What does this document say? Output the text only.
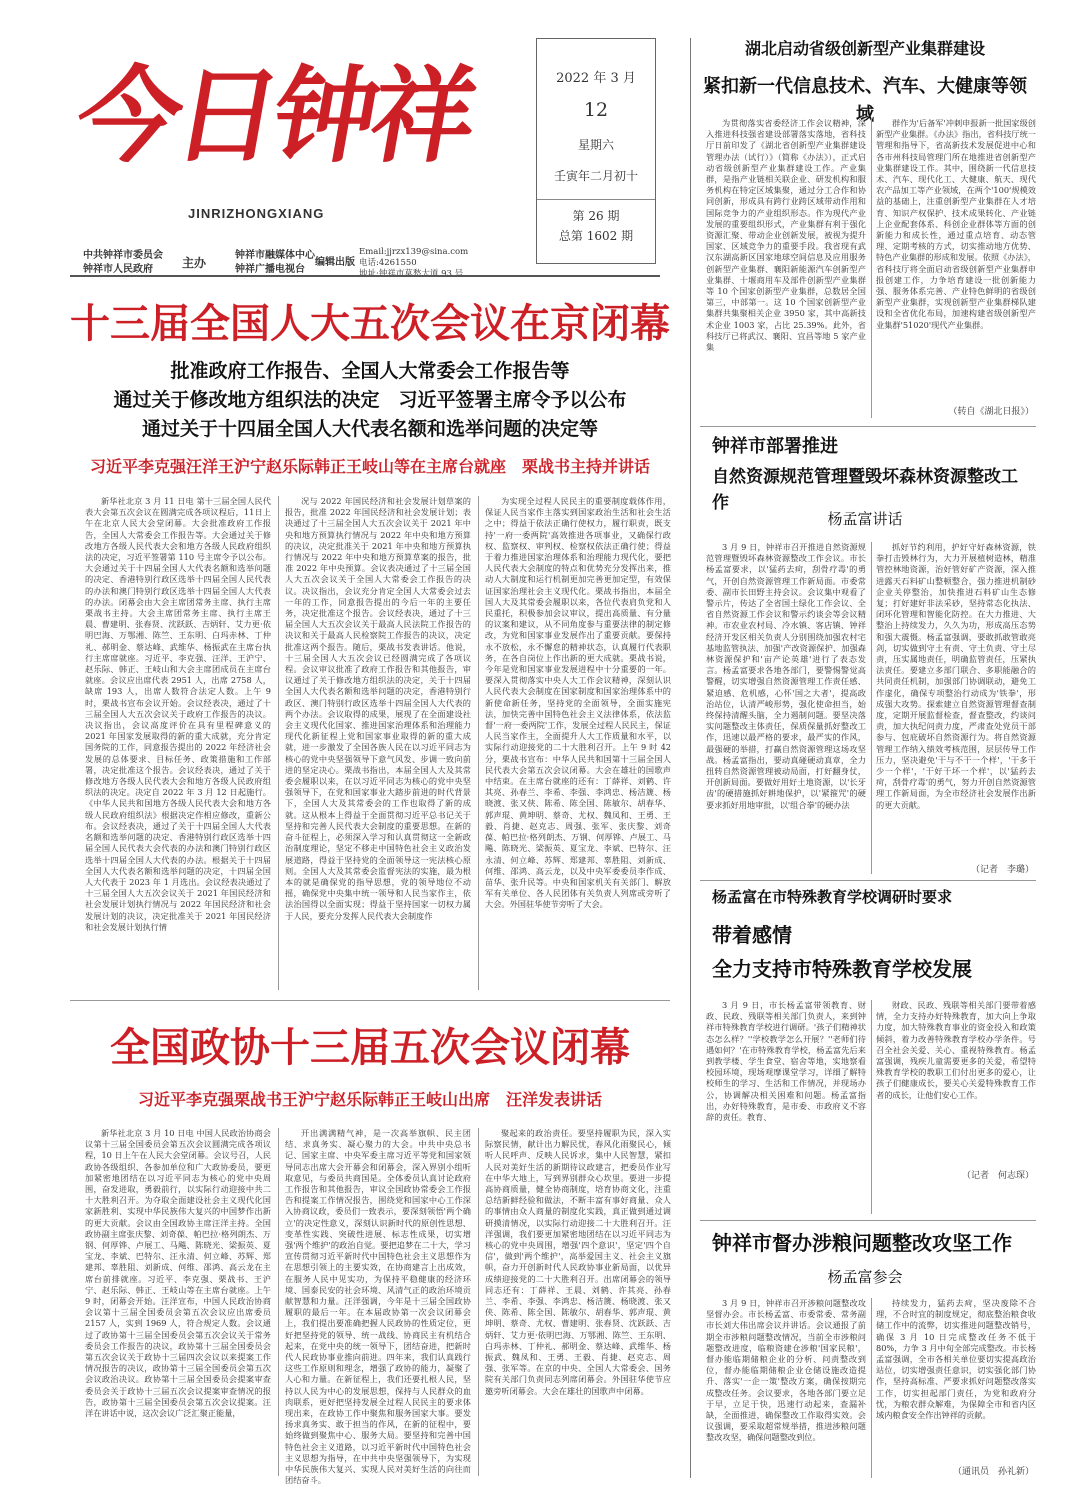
今日钟祥
JINRIZHONGXIANG
2022 年 3 月
12
星期六
壬寅年二月初十
第 26 期
总第 1602 期
中共钟祥市委员会
钟祥市人民政府 主办
钟祥市融媒体中心
钟祥广播电视台
编辑出版
Email:jjrzx139@sina.com
电话:4261550
地址:钟祥市莫愁大道 93 号
十三届全国人大五次会议在京闭幕
批准政府工作报告、全国人大常委会工作报告等
通过关于修改地方组织法的决定　习近平签署主席令予以公布
通过关于十四届全国人大代表名额和选举问题的决定等
习近平李克强汪洋王沪宁赵乐际韩正王岐山等在主席台就座　栗战书主持并讲话

新华社北京 3 月 11 日电 第十三届全国人民代表大会第五次会议在圆满完成各项议程后，11日上午在北京人民大会堂闭幕。大会批准政府工作报告，全国人大常委会工作报告等。大会通过关于修改地方各级人民代表大会和地方各级人民政府组织法的决定，习近平签署第 110 号主席令予以公布。大会通过关于十四届全国人大代表名额和选举问题的决定、香港特别行政区选举十四届全国人民代表的办法和澳门特别行政区选举十四届全国人大代表的办法。闭幕会由大会主席团常务主席、执行主席栗战书主持。大会主席团常务主席、执行主席王晨、曹建明、张春贤、沈跃跃、吉炳轩、艾力更·依明巴海、万鄂湘、陈竺、王东明、白玛赤林、丁仲礼、郝明金、蔡达峰、武维华、杨振武在主席台执行主席席就座。习近平、李克强、汪洋、王沪宁、赵乐际、韩正、王岐山和大会主席团成员在主席台就座。会议应出席代表 2951 人，出席 2758 人，缺席 193 人，出席人数符合法定人数。上午 9 时，栗战书宣布会议开始。会议经表决，通过了十三届全国人大五次会议关于政府工作报告的决议。决议指出，会议高度评价在具有里程碑意义的 2021 年国家发展取得的新的重大成就，充分肯定国务院的工作，同意报告提出的 2022 年经济社会发展的总体要求、目标任务、政策措施和工作部署，决定批准这个报告。会议经表决，通过了关于修改地方各级人民代表大会和地方各级人民政府组织法的决定。决定自 2022 年 3 月 12 日起施行。《中华人民共和国地方各级人民代表大会和地方各级人民政府组织法》根据决定作相应修改，重新公布。会议经表决，通过了关于十四届全国人大代表名额和选举问题的决定、香港特别行政区选举十四届全国人民代表大会代表的办法和澳门特别行政区选举十四届全国人大代表的办法。根据关于十四届全国人大代表名额和选举问题的决定，十四届全国人大代表于 2023 年 1 月选出。会议经表决通过了十三届全国人大五次会议关于 2021 年国民经济和社会发展计划执行情况与 2022 年国民经济和社会发展计划的决议，决定批准关于 2021 年国民经济和社会发展计划执行情

况与 2022 年国民经济和社会发展计划草案的报告，批准 2022 年国民经济和社会发展计划；表决通过了十三届全国人大五次会议关于 2021 年中央和地方预算执行情况与 2022 年中央和地方预算的决议，决定批准关于 2021 年中央和地方预算执行情况与 2022 年中央和地方预算草案的报告，批准 2022 年中央预算。会议表决通过了十三届全国人大五次会议关于全国人大常委会工作报告的决议。决议指出，会议充分肯定全国人大常委会过去一年的工作，同意报告提出的今后一年的主要任务，决定批准这个报告。会议经表决，通过了十三届全国人大五次会议关于最高人民法院工作报告的决议和关于最高人民检察院工作报告的决议，决定批准这两个报告。随后，栗战书发表讲话。他说，十三届全国人大五次会议已经圆满完成了各项议程。会议审议批准了政府工作报告和其他报告，审议通过了关于修改地方组织法的决定，关于十四届全国人大代表名额和选举问题的决定，香港特别行政区、澳门特别行政区选举十四届全国人大代表的两个办法。会议取得的成果，展现了在全面建设社会主义现代化国家、推进国家治理体系和治理能力现代化新征程上党和国家事业取得的新的重大成就，进一步激发了全国各族人民在以习近平同志为核心的党中央坚强领导下意气风发、步调一致向前进的坚定决心。栗战书指出，本届全国人大及其常委会履职以来，在以习近平同志为核心的党中央坚强领导下，在党和国家事业大踏步前进的时代背景下，全国人大及其常委会的工作也取得了新的成就。这从根本上得益于全面贯彻习近平总书记关于坚持和完善人民代表大会制度的重要思想。在新的奋斗征程上，必须深入学习和认真贯彻这一全新政治制度理论，坚定不移走中国特色社会主义政治发展道路，得益于坚持党的全面领导这一宪法核心原则。全国人大及其常委会监督宪法的实施，最为根本的就是确保党的指导思想，党的领导地位不动摇，确保党中央集中统一领导和人民当家作主，依法治国得以全面实现；得益于坚持国家一切权力属于人民，要充分发挥人民代表大会制度作

为实现全过程人民民主的重要制度载体作用，保证人民当家作主落实到国家政治生活和社会生活之中；得益于依法正确行使权力，履行职责，既支持'一府一委两院'高效推进各项事业，又确保行政权、监察权、审判权、检察权依法正确行使；得益于着力推进国家治理体系和治理能力现代化，要把人民代表大会制度的特点和优势充分发挥出来，推动人大制度和运行机制更加完善更加定型，有效保证国家治理社会主义现代化。栗战书指出，本届全国人大及其常委会履职以来，各位代表肩负党和人民重托，积极参加会议审议，提出高质量、有分量的议案和建议，从不同角度参与重要法律的制定修改，为党和国家事业发展作出了重要贡献。要保持永不放松，永不懈怠的精神状态，认真履行代表职务，在各自岗位上作出新的更大成就。栗战书说，今年是党和国家事业发展进程中十分重要的一年。要深入贯彻落实中央人大工作会议精神，深刻认识人民代表大会制度在国家制度和国家治理体系中的新使命新任务，坚持党的全面领导，全面实施宪法，加快完善中国特色社会主义法律体系，依法监督'一府一委两院'工作，发展全过程人民民主，保证人民当家作主，全面提升人大工作质量和水平，以实际行动迎接党的二十大胜利召开。上午 9 时 42 分，栗战书宣布：中华人民共和国第十三届全国人民代表大会第五次会议闭幕。大会在雄壮的国歌声中结束。在主席台就座的还有：丁薛祥、刘鹤、许其亮、孙春兰、李希、李强、李鸿忠、杨洁篪、杨晓渡、张又侠、陈希、陈全国、陈敏尔、胡春华、郭声琨、黄坤明、蔡奇、尤权、魏凤和、王勇、王毅、肖捷、赵克志、周强、张军、张庆黎、刘奇葆、帕巴拉·格列朗杰、万钢、何厚铧、卢展工、马飚、陈晓光、梁振英、夏宝龙、李斌、巴特尔、汪永清、何立峰、苏辉、郑建邦、辜胜阻、刘新成、何维、邵鸿、高云龙，以及中央军委委员李作成、苗华、张升民等。中央和国家机关有关部门、解放军有关单位、各人民团体有关负责人列席或旁听了大会。外国驻华使节旁听了大会。

全国政协十三届五次会议闭幕
习近平李克强栗战书王沪宁赵乐际韩正王岐山出席　汪洋发表讲话

新华社北京 3 月 10 日电 中国人民政治协商会议第十三届全国委员会第五次会议圆满完成各项议程，10 日上午在人民大会堂闭幕。会议号召，人民政协各级组织、各参加单位和广大政协委员，要更加紧密地团结在以习近平同志为核心的党中央周围，奋发进取，勇毅前行，以实际行动迎接中共二十大胜利召开。为夺取全面建设社会主义现代化国家新胜利、实现中华民族伟大复兴的中国梦作出新的更大贡献。会议由全国政协主席汪洋主持。全国政协副主席张庆黎、刘奇葆、帕巴拉·格列朗杰、万钢、何厚铧、卢展工、马飚、陈晓光、梁振英、夏宝龙、李斌、巴特尔、汪永清、何立峰、苏辉、郑建邦、辜胜阻、刘新成、何维、邵鸿、高云龙在主席台前排就座。习近平、李克强、栗战书、王沪宁、赵乐际、韩正、王岐山等在主席台就座。上午 9 时，闭幕会开始。汪洋宣布，中国人民政治协商会议第十三届全国委员会第五次会议应出席委员 2157 人，实到 1969 人，符合规定人数。会议通过了政协第十三届全国委员会第五次会议关于常务委员会工作报告的决议，政协第十三届全国委员会第五次会议关于政协十三届四次会议以来提案工作情况报告的决议，政协第十三届全国委员会第五次会议政治决议。政协第十三届全国委员会提案审查委员会关于政协十三届五次会议提案审查情况的报告，政协第十三届全国委员会第五次会议提案。汪洋在讲话中说，这次会议广泛汇聚正能量，

开出满满精气神，是一次高举旗帜、民主团结、求真务实、凝心聚力的大会。中共中央总书记、国家主席、中央军委主席习近平等党和国家领导同志出席大会开幕会和闭幕会，深入界别小组听取意见，与委员共商国是。全体委员认真讨论政府工作报告和其他报告，审议全国政协常委会工作报告和提案工作情况报告，围绕党和国家中心工作深入协商议政，委员们一致表示，要深刻领悟'两个确立'的决定性意义，深刻认识新时代的原创性思想、变革性实践、突破性进展、标志性成果，切实增强'两个维护'的政治自觉。要把追梦在二十大，学习宣传贯彻习近平新时代中国特色社会主义思想作为在思想引领上的主要实效，在协商建言上出成效，在服务人民中见实功，为保持平稳健康的经济环境、国泰民安的社会环境、风清气正的政治环境贡献智慧和力量。汪洋强调，今年是十三届全国政协履职的最后一年。在本届政协第一次会议闭幕会上，我们提出要准确把握人民政协的性质定位，更好把坚持党的领导、统一战线、协商民主有机结合起来，在党中央的统一领导下，团结奋进，把新时代人民政协事业推向前进。四年来，我们认真践行这些工作原则和理念，增强了政协的能力，凝聚了人心和力量。在新征程上，我们还要扎根人民，坚持以人民为中心的发展思想，保持与人民群众的血肉联系，更好把坚持发展全过程人民民主的要求体现出来，在政协工作中聚焦和服务国家大事。要发扬求真务实、敢于担当的作风，在新的征程中，要始终做到聚焦中心、服务大局。要坚持和完善中国特色社会主义道路，以习近平新时代中国特色社会主义思想为指导，在中共中央坚强领导下，为实现中华民族伟大复兴、实现人民对美好生活的向往而团结奋斗。

聚起来的政治责任。要坚持履职为民，深入实际察民情，献计出力解民忧，春风化雨聚民心，倾听人民呼声、反映人民诉求，集中人民智慧，紧扣人民对美好生活的新期待议政建言，把委员作业写在中华大地上，写到界别群众心坎里。要进一步提高协商质量，健全协商制度，培育协商文化，注重总结新鲜经验和做法，不断丰富有事好商量、众人的事情由众人商量的制度化实践，真正做到通过调研摸清情况，以实际行动迎接二十大胜利召开。汪洋强调，我们要更加紧密地团结在以习近平同志为核心的党中央周围，增强'四个意识'，坚定'四个自信'，做到'两个维护'，高举爱国主义、社会主义旗帜，奋力开创新时代人民政协事业新局面，以优异成绩迎接党的二十大胜利召开。出席闭幕会的领导同志还有：丁薛祥、王晨、刘鹤、许其亮、孙春兰、李希、李强、李鸿忠、杨洁篪、杨晓渡、张又侠、陈希、陈全国、陈敏尔、胡春华、郭声琨、黄坤明、蔡奇、尤权、曹建明、张春贤、沈跃跃、吉炳轩、艾力更·依明巴海、万鄂湘、陈竺、王东明、白玛赤林、丁仲礼、郝明金、蔡达峰、武维华、杨振武、魏凤和、王勇、王毅、肖捷、赵克志、周强、张军等。在京的中央、全国人大常委会、国务院有关部门负责同志列席闭幕会。外国驻华使节应邀旁听闭幕会。大会在雄壮的国歌声中闭幕。

湖北启动省级创新型产业集群建设
紧扣新一代信息技术、汽车、大健康等领域

为贯彻落实省委经济工作会议精神，深入推进科技强省建设部署落实落地，省科技厅日前印发了《湖北省创新型产业集群建设管理办法（试行）》（简称《办法》），正式启动省级创新型产业集群建设工作。产业集群，是指产业链相关联企业、研发机构和服务机构在特定区域集聚，通过分工合作和协同创新，形成具有跨行业跨区域带动作用和国际竞争力的产业组织形态。作为现代产业发展的重要组织形式，产业集群有利于强化资源汇聚、带动企业创新发展，被视为提升国家、区域竞争力的重要手段。我省现有武汉东湖高新区国家地球空间信息及应用服务创新型产业集群、襄阳新能源汽车创新型产业集群、十堰商用车及部件创新型产业集群等 10 个国家创新型产业集群，总数居全国第三，中部第一。这 10 个国家创新型产业集群共集聚相关企业 3950 家，其中高新技术企业 1003 家，占比 25.39%。此外，省科技厅已将武汉、襄阳、宜昌等地 5 家产业集

群作为'后备军'冲刺申报新一批国家级创新型产业集群。《办法》指出，省科技厅统一管理和指导下，省高新技术发展促进中心和各市州科技局管理门所在地推进省创新型产业集群建设工作。其中，围绕新一代信息技术、汽车、现代化工、大健康、航天、现代农产品加工等产业领域，在两个'100'规模效益的基础上，注重创新型产业集群在人才培育、知识产权保护、技术成果转化、产业链上企业配套体系、科创企业群体等方面的创新能力和成长性，通过重点培育、动态管理、定期考核的方式，切实推动地方优势、特色产业集群的形成和发展。依照《办法》，省科技厅将全面启动省级创新型产业集群申报创建工作，力争培育建设一批创新能力强、服务体系完善、产业特色鲜明的省级创新型产业集群，实现创新型产业集群梯队建设和全省优化布局，加速构建省级创新型产业集群'51020'现代产业集群。

（转自《湖北日报》）
钟祥市部署推进
自然资源规范管理暨毁坏森林资源整改工作
杨孟富讲话

3 月 9 日，钟祥市召开推进自然资源规范管理暨毁坏森林资源整改工作会议。市长杨孟富要求，以'猛药去疴，刮骨疗毒'的勇气，开创自然资源管理工作新局面。市委常委、副市长田野主持会议。会议集中观看了警示片，传达了全省国土绿化工作会议、全省自然资源工作会议和警示约谈会等会议精神。市农业农村局、冷水镇、客店镇、钟祥经济开发区相关负责人分别围绕加强农村宅基地监管执法、加强'产改资源保护、加强森林资源保护和'亩产论英雄'进行了表态发言。杨孟富要求各地各部门，要警惕警觉高警醒，切实增强自然资源管理工作责任感、紧迫感、危机感，心怀'国之大者'，提高政治站位，认清严峻形势，强化使命担当，始终保持清醒头脑，全力遏制问题。要坚决落实问题整改主体责任，保质保量抓好整改工作，迅速以最严格的要求，最严实的作风，最强硬的举措，打赢自然资源管理这场攻坚战。杨孟富指出，要动真碰硬动真章，全力扭转自然资源管理被动局面，打好翻身仗，开创新局面。要做好用好土地资源，以'长牙齿'的硬措施抓好耕地保护，以'紧箍咒'的硬要求抓好用地审批，以'组合拳'的硬办法

抓好节约利用，护好守好森林资源，铁拳打击毁林行为，大力开展植树造林，精准管控林地资源，治好管好矿产资源，深入推进露天石料矿山整顿整合，强力推进机制砂企业关停整治，加快推进石料矿山生态修复；打好建好非法采砂，坚持常态化执法、闭环化管理和智能化防控。在大力推进、大整治上持续发力，久久为功，形成高压态势和强大震慑。杨孟富强调，要敢抓敢管敢亮剑，切实做到守土有责、守土负责、守土尽责，压实属地责任，明确监管责任，压紧执法责任。要建立多部门联合、多职能融合的共同责任机制，加强部门协调联动，避免工作虚化，确保专项整治行动成为'铁拳'，形成强大攻势。探索建立自然资源管理督查制度，定期开展监督检查，督查整改，约谈问责，加大执纪问责力度，严肃查处党员干部参与、包庇破坏自然资源行为。将自然资源管理工作纳入绩效考核范围，层层传导工作压力，坚决避免'干与不干一个样'，'干多干少一个样'，'干好干坏一个样'，以'猛药去疴，刮骨疗毒'的勇气，努力开创自然资源管理工作新局面，为全市经济社会发展作出新的更大贡献。

（记者　李璐）
杨孟富在市特殊教育学校调研时要求
带着感情
全力支持市特殊教育学校发展

3 月 9 日，市长杨孟富带领教育、财政、民政、残联等相关部门负责人，来到钟祥市特殊教育学校进行调研。'孩子们精神状态怎么样？''学校教学怎么开展？''老师们待遇如何？'在市特殊教育学校，杨孟富先后来到教学楼、学生食堂、宿舍等地，实地察看校园环境，现场观摩课堂学习，详细了解特校师生的学习、生活和工作情况，并现场办公，协调解决相关困难和问题。杨孟富指出，办好特殊教育，是市委、市政府义不容辞的责任。教育、

财政、民政、残联等相关部门要带着感情，全力支持办好特殊教育，加大向上争取力度，加大特殊教育事业的资金投入和政策倾斜，着力改善特殊教育学校办学条件。号召全社会关爱、关心、重视特殊教育。杨孟富强调，残疾儿童需要更多的关爱，希望特殊教育学校的教职工们付出更多的爱心，让孩子们健康成长，要关心关爱特殊教育工作者的成长，让他们安心工作。

（记者　何志琛）
钟祥市督办涉粮问题整改攻坚工作
杨孟富参会

3 月 9 日，钟祥市召开涉粮问题整改攻坚督办会。市长杨孟富、市委常委、常务副市长刘大伟出席会议并讲话。会议通报了前期全市涉粮问题整改情况，当前全市涉粮问题整改进度，临粮资建仓涉粮'国家民粮'，督办能临期储粮企业的分析、问责整改到位，督办能临期储粮企业仓储设施改造提升、落实'一企一策'整改方案，确保按期完成整改任务。会议要求，各地各部门要立足于早，立足于快，迅速行动起来，查漏补缺，全面推进，确保整改工作取得实效。会议强调，要采取超常规举措，推进涉粮问题整改攻坚，确保问题整改到位。

持续发力，猛药去疴，坚决废除不合理，不合时宜的制度规定，彻底整治粮食收储工作中的流弊，切实推进问题整改销号，确保 3 月 10 日完成整改任务不低于 80%，力争 3 月中旬全部完成整改。市长杨孟富强调，全市各相关单位要切实提高政治站位，切实增强责任意识，切实强化部门协作，坚持高标准、严要求抓好问题整改落实工作，切实担起部门责任，为党和政府分忧，为粮农群众解难，为保障全市和省内区域内粮食安全作出钟祥的贡献。

（通讯员　孙礼新）
